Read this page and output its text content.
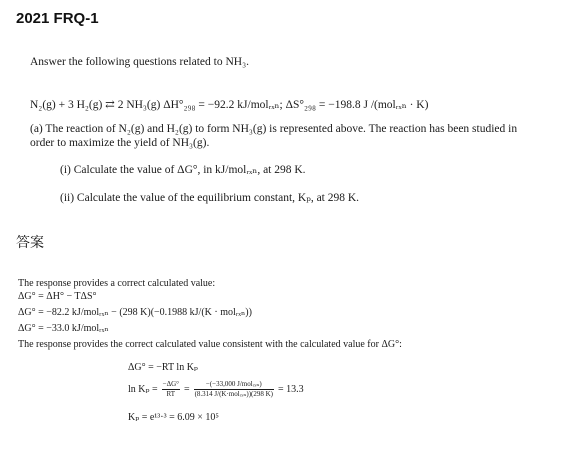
2021 FRQ-1
Answer the following questions related to NH₃.
N₂(g) + 3 H₂(g) ⇄ 2 NH₃(g) ΔH°₂₉₈ = −92.2 kJ/molᵣₓₙ; ΔS°₂₉₈ = −198.8 J /(molᵣₓₙ · K)
(a) The reaction of N₂(g) and H₂(g) to form NH₃(g) is represented above. The reaction has been studied in
order to maximize the yield of NH₃(g).
(i) Calculate the value of ΔG°, in kJ/molᵣₓₙ, at 298 K.
(ii) Calculate the value of the equilibrium constant, Kₚ, at 298 K.
答案
The response provides a correct calculated value:
ΔG° = ΔH° − TΔS°
ΔG° = −82.2 kJ/molᵣₓₙ − (298 K)(−0.1988 kJ/(K · molᵣₓₙ))
ΔG° = −33.0 kJ/molᵣₓₙ
The response provides the correct calculated value consistent with the calculated value for ΔG°:
ΔG° = −RT ln Kₚ
$\ln K_p = \frac{-\Delta G^\circ}{RT} = \frac{\text{−(−33,000 J/molᵣₓₙ)}}{\text{(8.314 J/(K·molᵣₓₙ))(298 K)}} = 13.3$
Kₚ = e¹³·³ = 6.09 × 10⁵
